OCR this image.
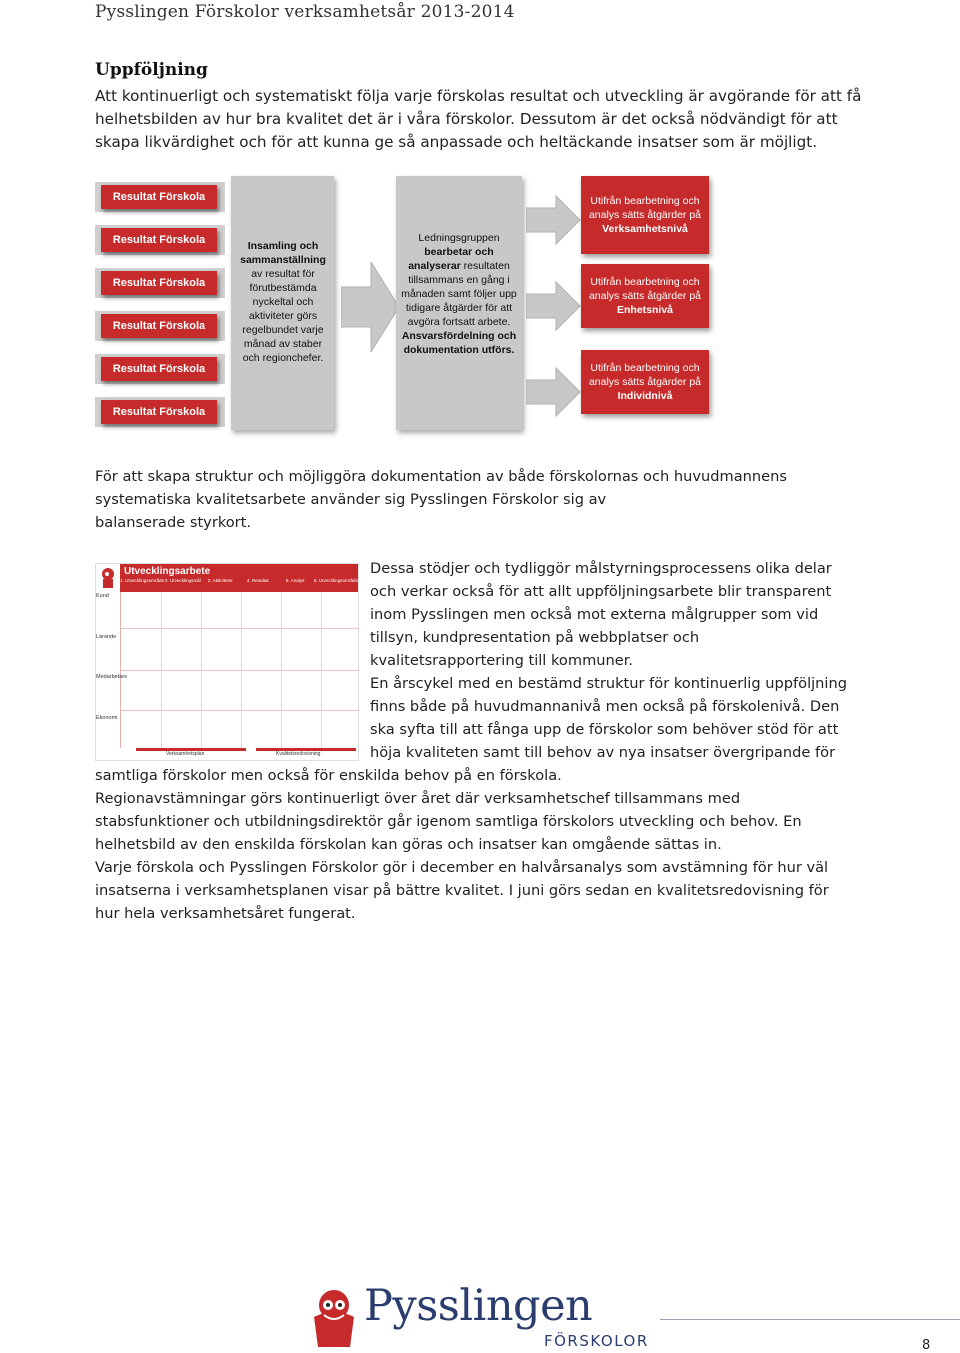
Pysslingen Förskolor verksamhetsår 2013-2014
Uppföljning
Att kontinuerligt och systematiskt följa varje förskolas resultat och utveckling är avgörande för att få
helhetsbilden av hur bra kvalitet det är i våra förskolor. Dessutom är det också nödvändigt för att
skapa likvärdighet och för att kunna ge så anpassade och heltäckande insatser som är möjligt.
Resultat Förskola
Resultat Förskola
Resultat Förskola
Resultat Förskola
Resultat Förskola
Resultat Förskola
Insamling och sammanställning av resultat för förutbestämda nyckeltal och aktiviteter görs regelbundet varje månad av staber och regionchefer.
Ledningsgruppen bearbetar och analyserar resultaten tillsammans en gång i månaden samt följer upp tidigare åtgärder för att avgöra fortsatt arbete. Ansvarsfördelning och dokumentation utförs.
Utifrån bearbetning och analys sätts åtgärder på
Verksamhetsnivå
Utifrån bearbetning och analys sätts åtgärder på
Enhetsnivå
Utifrån bearbetning och analys sätts åtgärder på
Individnivå
För att skapa struktur och möjliggöra dokumentation av både förskolornas och huvudmannens
systematiska kvalitetsarbete använder sig Pysslingen Förskolor sig av
balanserade styrkort.
Utvecklingsarbete
1. Utvecklingsområde 2. Utvecklingsmål	3. Aktiviteter	4. Resultat	5. Analys	6. Utvecklingsområde
Kund
Lärande
Medarbetare
Ekonomi
Verksamhetsplan	Kvalitetsredovisning
Dessa stödjer och tydliggör målstyrningsprocessens olika delar
och verkar också för att allt uppföljningsarbete blir transparent
inom Pysslingen men också mot externa målgrupper som vid
tillsyn, kundpresentation på webbplatser och
kvalitetsrapportering till kommuner.
En årscykel med en bestämd struktur för kontinuerlig uppföljning
finns både på huvudmannanivå men också på förskolenivå. Den
ska syfta till att fånga upp de förskolor som behöver stöd för att
höja kvaliteten samt till behov av nya insatser övergripande för
samtliga förskolor men också för enskilda behov på en förskola.
Regionavstämningar görs kontinuerligt över året där verksamhetschef tillsammans med
stabsfunktioner och utbildningsdirektör går igenom samtliga förskolors utveckling och behov. En
helhetsbild av den enskilda förskolan kan göras och insatser kan omgående sättas in.
Varje förskola och Pysslingen Förskolor gör i december en halvårsanalys som avstämning för hur väl
insatserna i verksamhetsplanen visar på bättre kvalitet. I juni görs sedan en kvalitetsredovisning för
hur hela verksamhetsåret fungerat.
Pysslingen
FÖRSKOLOR	8
